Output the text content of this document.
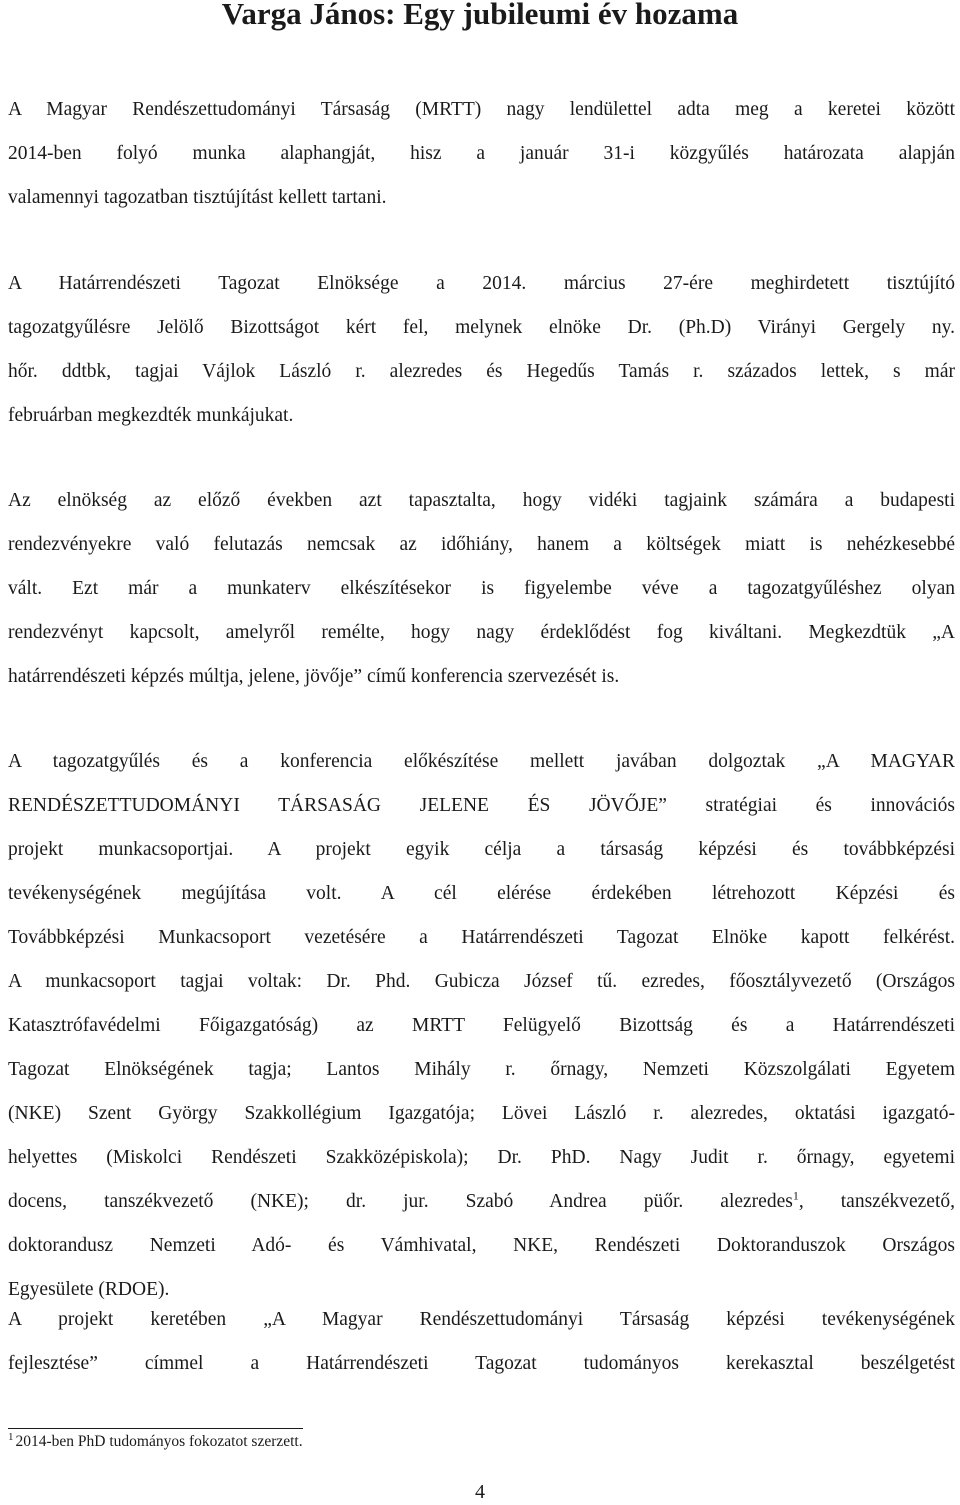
Varga János: Egy jubileumi év hozama
A Magyar Rendészettudományi Társaság (MRTT) nagy lendülettel adta meg a keretei között
2014-ben folyó munka alaphangját, hisz a január 31-i közgyűlés határozata alapján
valamennyi tagozatban tisztújítást kellett tartani.
A Határrendészeti Tagozat Elnöksége a 2014. március 27-ére meghirdetett tisztújító
tagozatgyűlésre Jelölő Bizottságot kért fel, melynek elnöke Dr. (Ph.D) Virányi Gergely ny.
hőr. ddtbk, tagjai Vájlok László r. alezredes és Hegedűs Tamás r. százados lettek, s már
februárban megkezdték munkájukat.
Az elnökség az előző években azt tapasztalta, hogy vidéki tagjaink számára a budapesti
rendezvényekre való felutazás nemcsak az időhiány, hanem a költségek miatt is nehézkesebbé
vált. Ezt már a munkaterv elkészítésekor is figyelembe véve a tagozatgyűléshez olyan
rendezvényt kapcsolt, amelyről remélte, hogy nagy érdeklődést fog kiváltani. Megkezdtük „A
határrendészeti képzés múltja, jelene, jövője” című konferencia szervezését is.
A tagozatgyűlés és a konferencia előkészítése mellett javában dolgoztak „A MAGYAR
RENDÉSZETTUDOMÁNYI TÁRSASÁG JELENE ÉS JÖVŐJE” stratégiai és innovációs
projekt munkacsoportjai. A projekt egyik célja a társaság képzési és továbbképzési
tevékenységének megújítása volt. A cél elérése érdekében létrehozott Képzési és
Továbbképzési Munkacsoport vezetésére a Határrendészeti Tagozat Elnöke kapott felkérést.
A munkacsoport tagjai voltak: Dr. Phd. Gubicza József tű. ezredes, főosztályvezető (Országos
Katasztrófavédelmi Főigazgatóság) az MRTT Felügyelő Bizottság és a Határrendészeti
Tagozat Elnökségének tagja; Lantos Mihály r. őrnagy, Nemzeti Közszolgálati Egyetem
(NKE) Szent György Szakkollégium Igazgatója; Lövei László r. alezredes, oktatási igazgató-
helyettes (Miskolci Rendészeti Szakközépiskola); Dr. PhD. Nagy Judit r. őrnagy, egyetemi
docens, tanszékvezető (NKE); dr. jur. Szabó Andrea püőr. alezredes$^1$, tanszékvezető,
doktorandusz Nemzeti Adó- és Vámhivatal, NKE, Rendészeti Doktoranduszok Országos
Egyesülete (RDOE).
A projekt keretében „A Magyar Rendészettudományi Társaság képzési tevékenységének
fejlesztése” címmel a Határrendészeti Tagozat tudományos kerekasztal beszélgetést
$^1$ 2014-ben PhD tudományos fokozatot szerzett.
4
